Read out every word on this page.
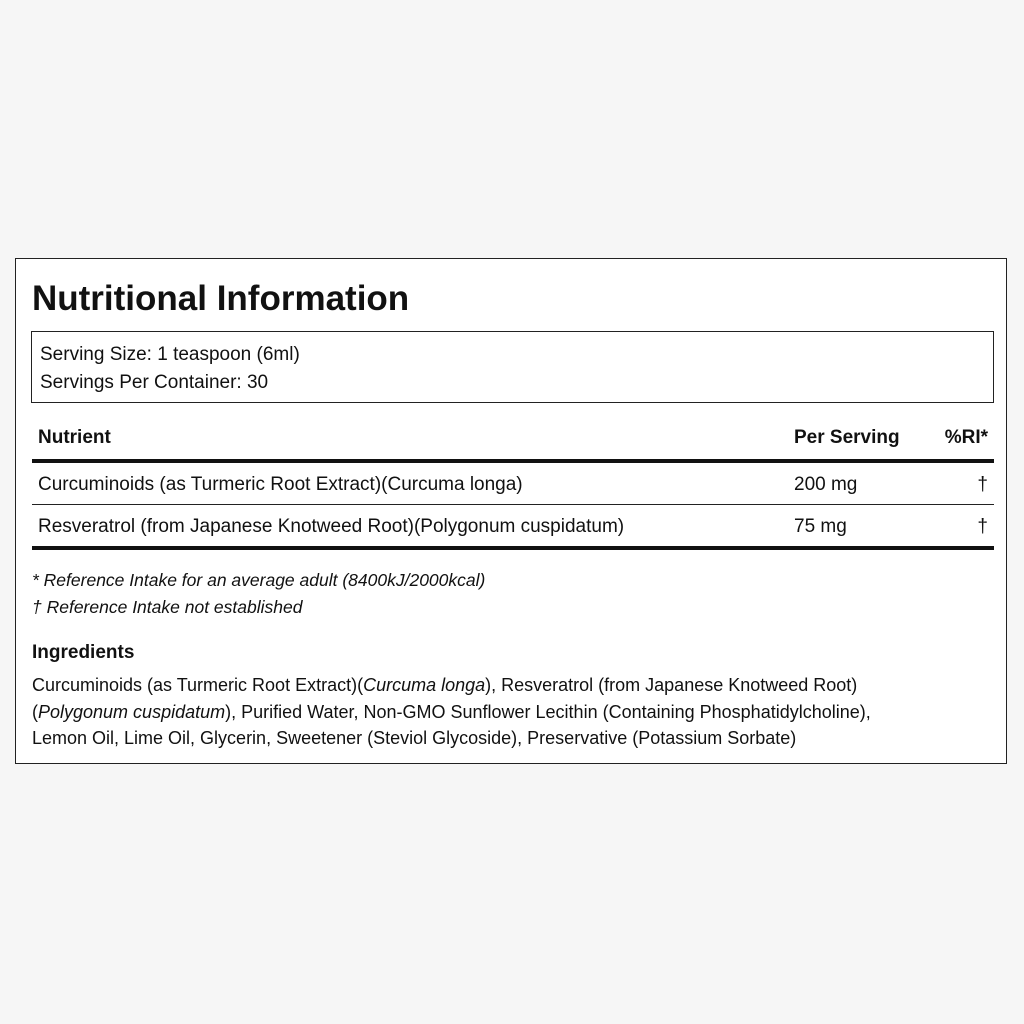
Nutritional Information
Serving Size: 1 teaspoon (6ml)
Servings Per Container: 30
Nutrient	Per Serving	%RI*
Curcuminoids (as Turmeric Root Extract)(Curcuma longa)	200 mg	†
Resveratrol (from Japanese Knotweed Root)(Polygonum cuspidatum)	75 mg	†
* Reference Intake for an average adult (8400kJ/2000kcal)
† Reference Intake not established
Ingredients

Curcuminoids (as Turmeric Root Extract)(Curcuma longa), Resveratrol (from Japanese Knotweed Root)
(Polygonum cuspidatum), Purified Water, Non-GMO Sunflower Lecithin (Containing Phosphatidylcholine),
Lemon Oil, Lime Oil, Glycerin, Sweetener (Steviol Glycoside), Preservative (Potassium Sorbate)
